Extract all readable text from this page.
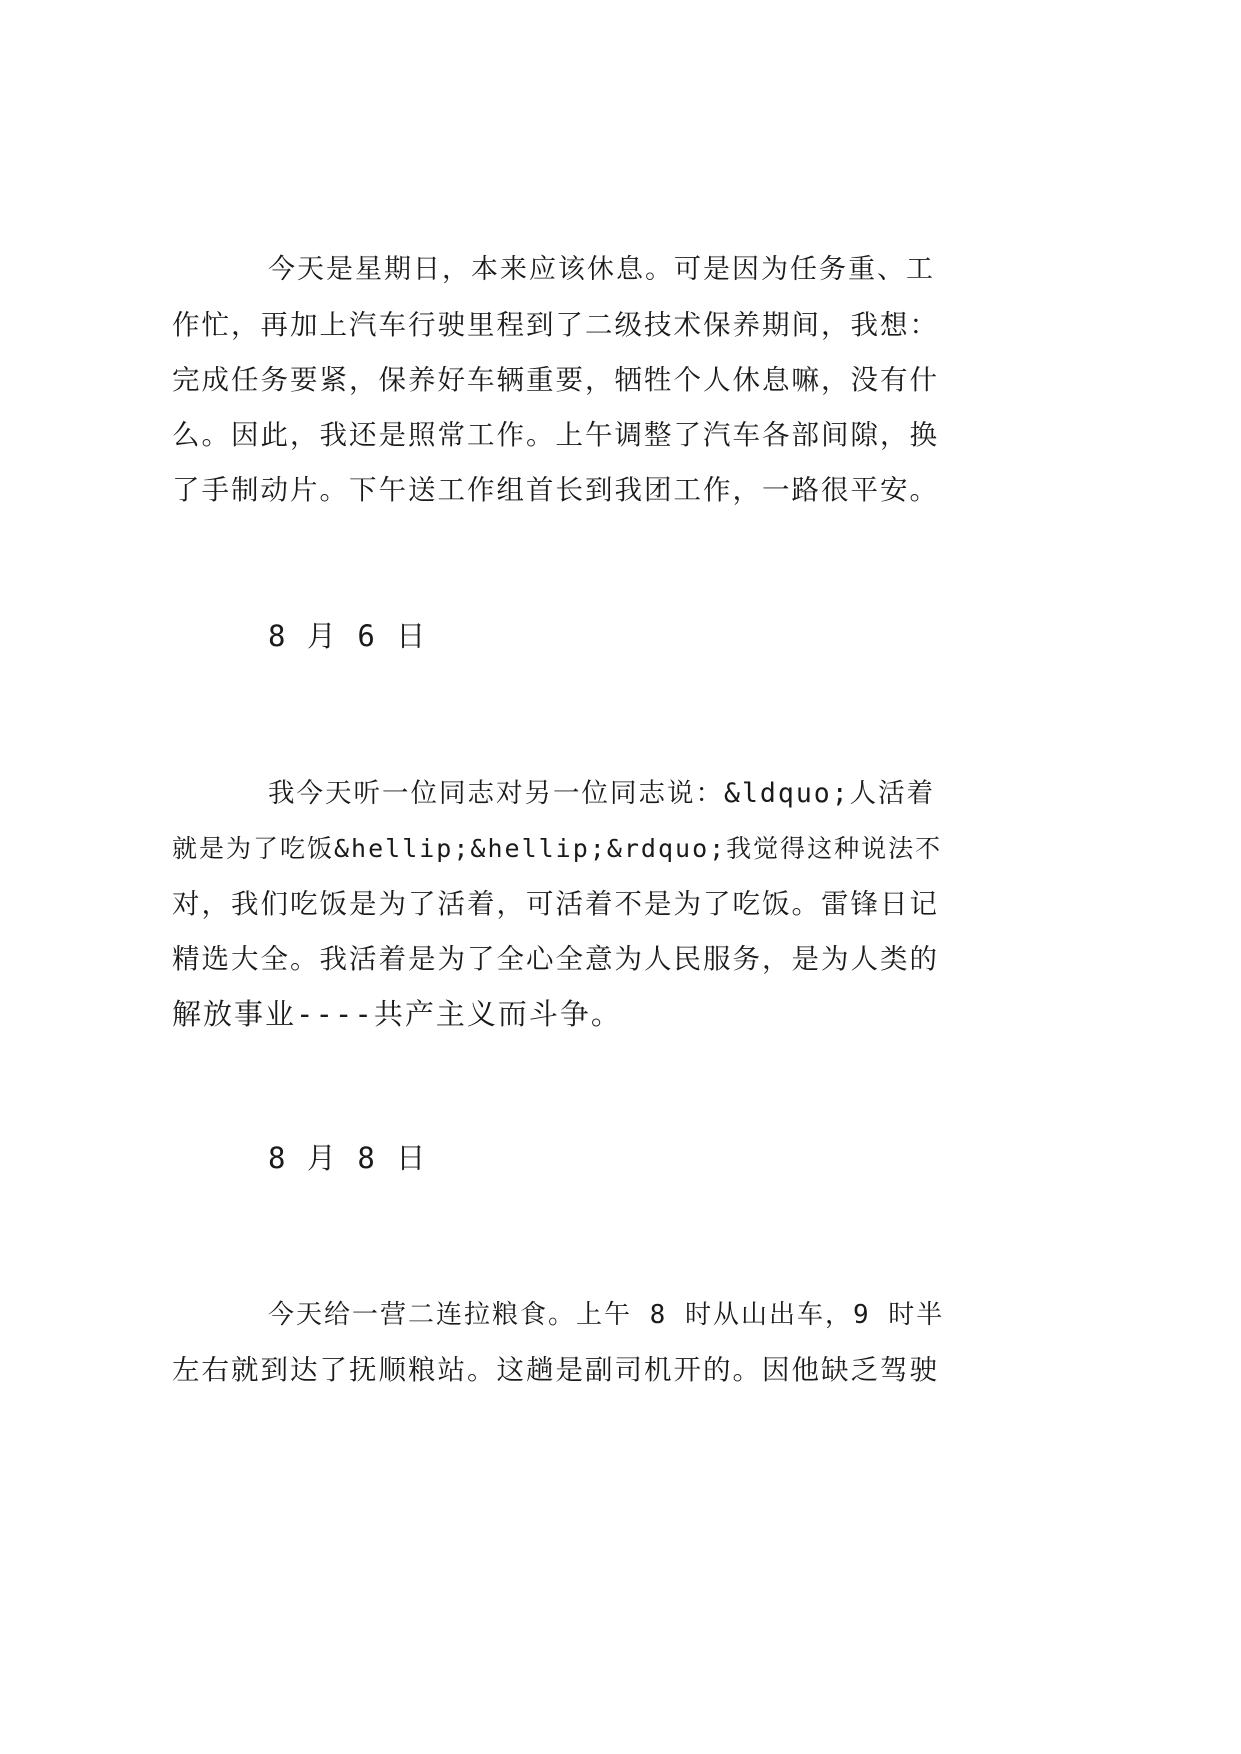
今天是星期日，本来应该休息。可是因为任务重、工
作忙，再加上汽车行驶里程到了二级技术保养期间，我想：
完成任务要紧，保养好车辆重要，牺牲个人休息嘛，没有什
么。因此，我还是照常工作。上午调整了汽车各部间隙，换
了手制动片。下午送工作组首长到我团工作，一路很平安。
8 月 6 日
我今天听一位同志对另一位同志说：&ldquo;人活着
就是为了吃饭&hellip;&hellip;&rdquo;我觉得这种说法不
对，我们吃饭是为了活着，可活着不是为了吃饭。雷锋日记
精选大全。我活着是为了全心全意为人民服务，是为人类的
解放事业----共产主义而斗争。
8 月 8 日
今天给一营二连拉粮食。上午 8 时从山出车，9 时半
左右就到达了抚顺粮站。这趟是副司机开的。因他缺乏驾驶
